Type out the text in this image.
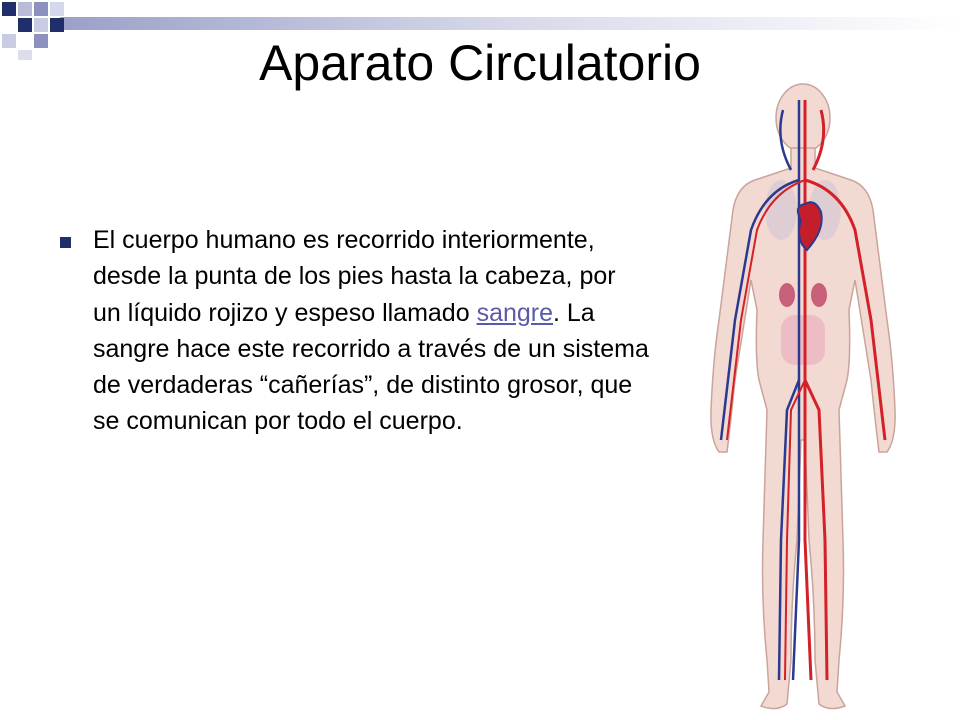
Aparato Circulatorio
El cuerpo humano es recorrido interiormente, desde la punta de los pies hasta la cabeza, por un líquido rojizo y espeso llamado sangre. La sangre hace este recorrido a través de un sistema de verdaderas “cañerías”, de distinto grosor, que se comunican por todo el cuerpo.
